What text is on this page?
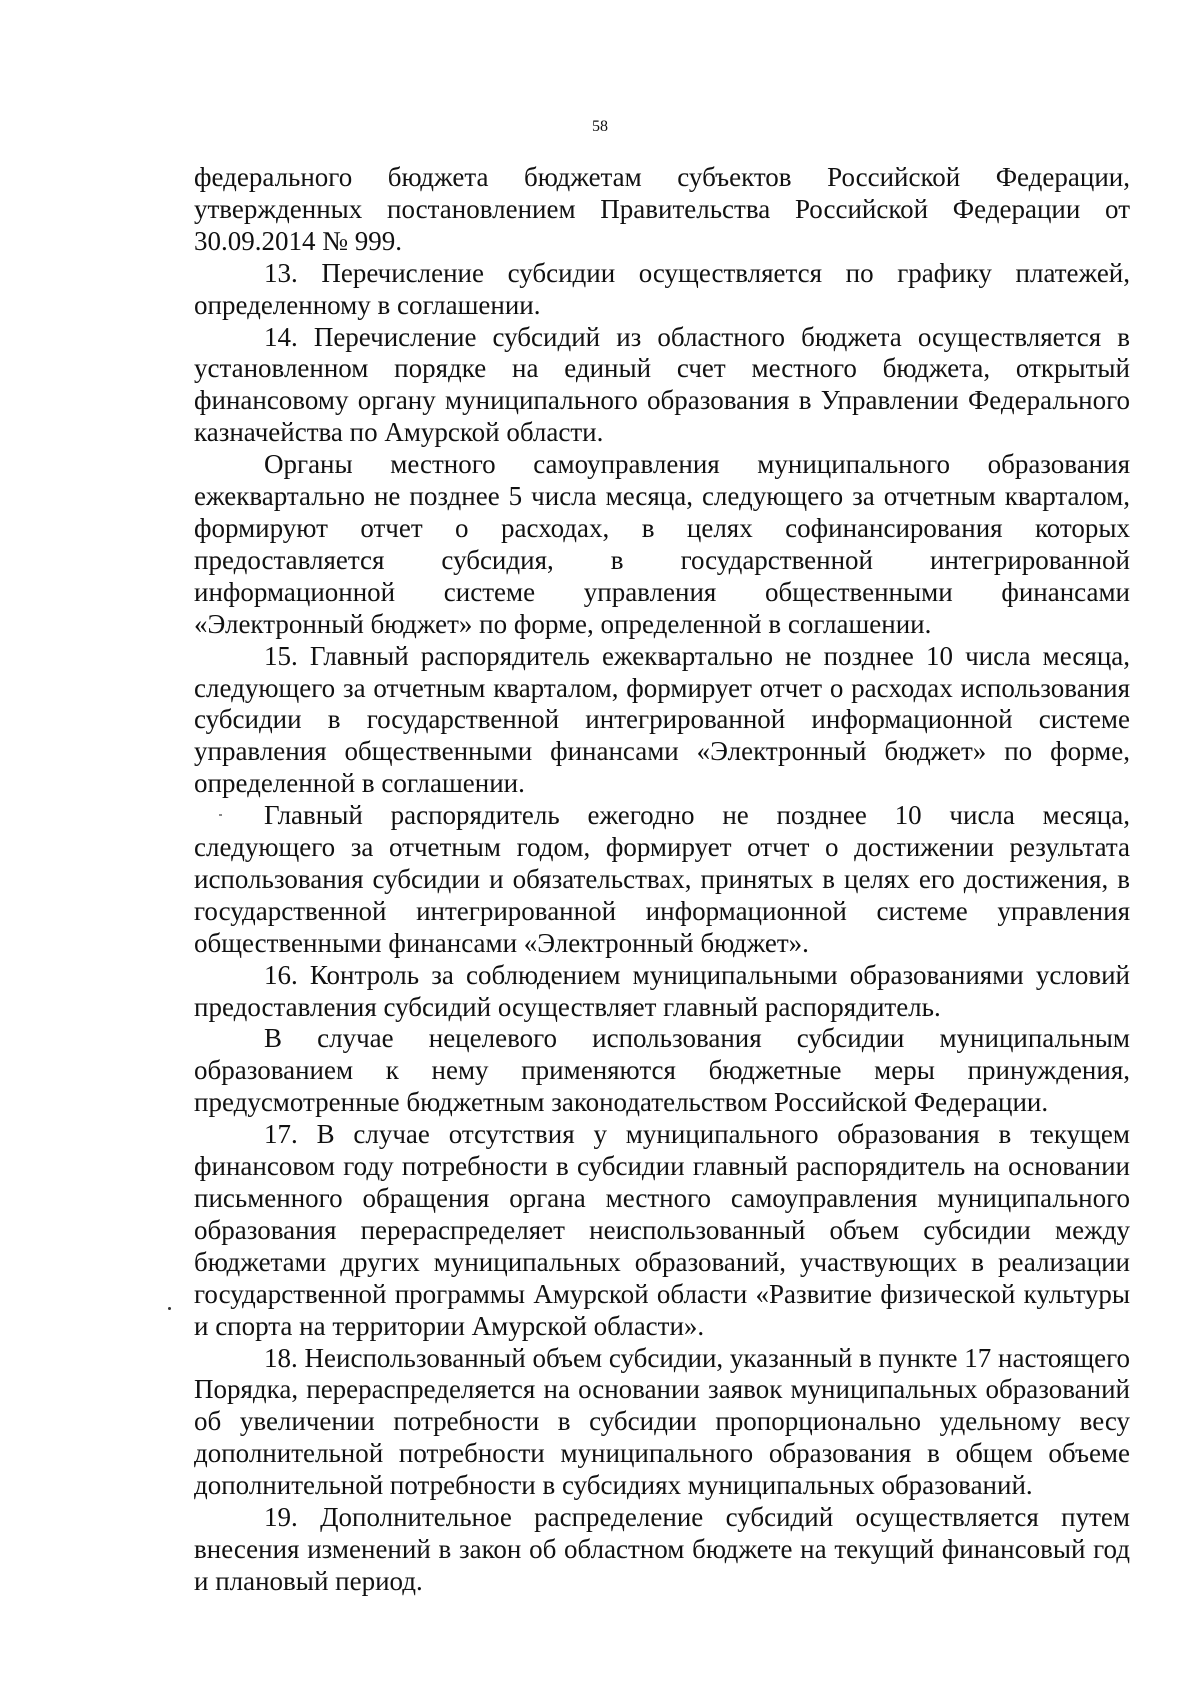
58

федерального бюджета бюджетам субъектов Российской Федерации, утвержденных постановлением Правительства Российской Федерации от 30.09.2014 № 999.

13. Перечисление субсидии осуществляется по графику платежей, определенному в соглашении.

14. Перечисление субсидий из областного бюджета осуществляется в установленном порядке на единый счет местного бюджета, открытый финансовому органу муниципального образования в Управлении Федерального казначейства по Амурской области.

Органы местного самоуправления муниципального образования ежеквартально не позднее 5 числа месяца, следующего за отчетным кварталом, формируют отчет о расходах, в целях софинансирования которых предоставляется субсидия, в государственной интегрированной информационной системе управления общественными финансами «Электронный бюджет» по форме, определенной в соглашении.

15. Главный распорядитель ежеквартально не позднее 10 числа месяца, следующего за отчетным кварталом, формирует отчет о расходах использования субсидии в государственной интегрированной информационной системе управления общественными финансами «Электронный бюджет» по форме, определенной в соглашении.

Главный распорядитель ежегодно не позднее 10 числа месяца, следующего за отчетным годом, формирует отчет о достижении результата использования субсидии и обязательствах, принятых в целях его достижения, в государственной интегрированной информационной системе управления общественными финансами «Электронный бюджет».

16. Контроль за соблюдением муниципальными образованиями условий предоставления субсидий осуществляет главный распорядитель.

В случае нецелевого использования субсидии муниципальным образованием к нему применяются бюджетные меры принуждения, предусмотренные бюджетным законодательством Российской Федерации.

17. В случае отсутствия у муниципального образования в текущем финансовом году потребности в субсидии главный распорядитель на основании письменного обращения органа местного самоуправления муниципального образования перераспределяет неиспользованный объем субсидии между бюджетами других муниципальных образований, участвующих в реализации государственной программы Амурской области «Развитие физической культуры и спорта на территории Амурской области».

18. Неиспользованный объем субсидии, указанный в пункте 17 настоящего Порядка, перераспределяется на основании заявок муниципальных образований об увеличении потребности в субсидии пропорционально удельному весу дополнительной потребности муниципального образования в общем объеме дополнительной потребности в субсидиях муниципальных образований.

19. Дополнительное распределение субсидий осуществляется путем внесения изменений в закон об областном бюджете на текущий финансовый год и плановый период.
